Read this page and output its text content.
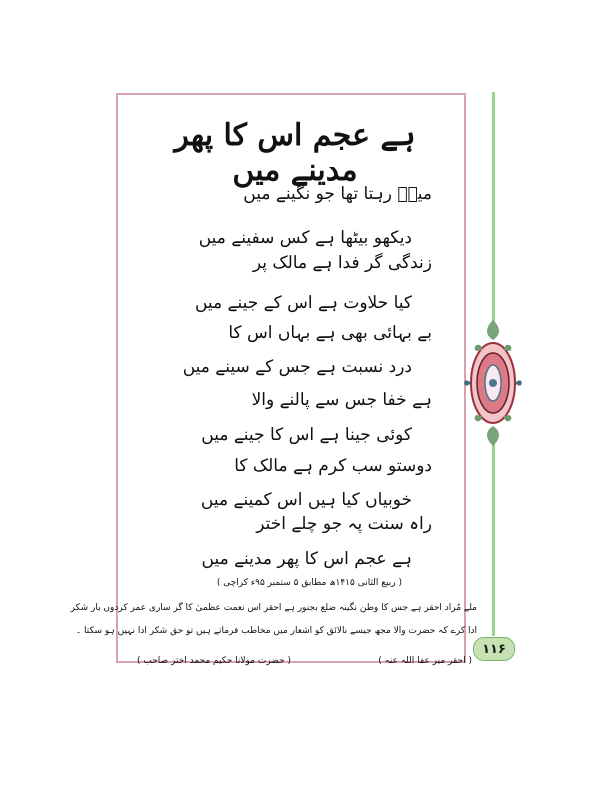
ہے عجم اس کا پھر مدینے میں
میرؔ رہتا تھا جو نگینے میں
دیکھو بیٹھا ہے کس سفینے میں
زندگی گر فدا ہے مالک پر
کیا حلاوت ہے اس کے جینے میں
بے بہائی بھی ہے بہاں اس کا
درد نسبت ہے جس کے سینے میں
ہے خفا جس سے پالنے والا
کوئی جینا ہے اس کا جینے میں
دوستو سب کرم ہے مالک کا
خوبیاں کیا ہیں اس کمینے میں
راہ سنت پہ جو چلے اختر
ہے عجم اس کا پھر مدینے میں
( ربیع الثانی ۱۴۱۵ھ مطابق ۵ ستمبر ۹۵ء کراچی )
ملے مُراد احقر ہے جس کا وطن نگینہ ضلع بجنور ہے احقر اس نعمت عظمیٰ کا گر ساری عمر کردوں بار شکر
ادا کرے کہ حضرت والا مجھ جیسے نالائق کو اشعار میں مخاطب فرماتے ہیں تو حق شکر ادا نہیں ہو سکتا ۔
( حضرت مولانا حکیم محمد اختر صاحب )	( احقر میر عفا اللہ عنہ )
۱۱۶
